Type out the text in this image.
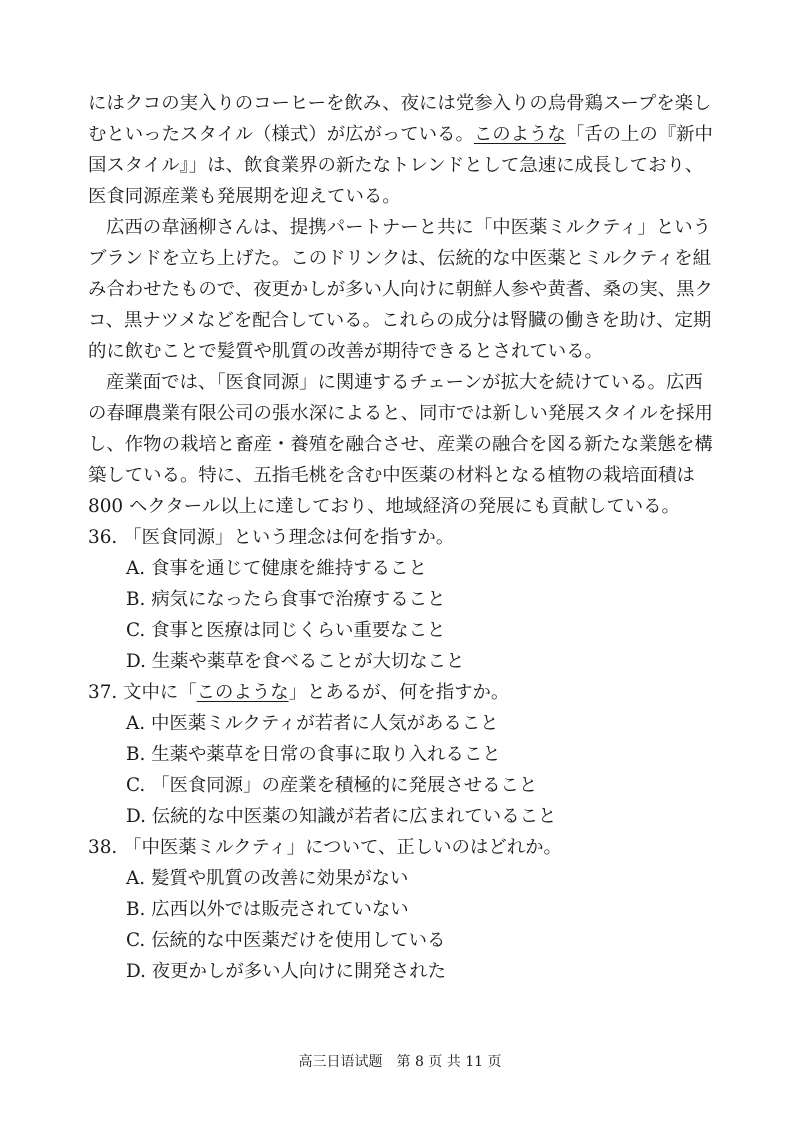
にはクコの実入りのコーヒーを飲み、夜には党参入りの烏骨鶏スープを楽し
むといったスタイル（様式）が広がっている。このような「舌の上の『新中
国スタイル』」は、飲食業界の新たなトレンドとして急速に成長しており、
医食同源産業も発展期を迎えている。
広西の韋涵柳さんは、提携パートナーと共に「中医薬ミルクティ」という
ブランドを立ち上げた。このドリンクは、伝統的な中医薬とミルクティを組
み合わせたもので、夜更かしが多い人向けに朝鮮人参や黄耆、桑の実、黒ク
コ、黒ナツメなどを配合している。これらの成分は腎臓の働きを助け、定期
的に飲むことで髪質や肌質の改善が期待できるとされている。
産業面では、「医食同源」に関連するチェーンが拡大を続けている。広西
の春暉農業有限公司の張水深によると、同市では新しい発展スタイルを採用
し、作物の栽培と畜産・養殖を融合させ、産業の融合を図る新たな業態を構
築している。特に、五指毛桃を含む中医薬の材料となる植物の栽培面積は
800 ヘクタール以上に達しており、地域経済の発展にも貢献している。
36. 「医食同源」という理念は何を指すか。
A. 食事を通じて健康を維持すること
B. 病気になったら食事で治療すること
C. 食事と医療は同じくらい重要なこと
D. 生薬や薬草を食べることが大切なこと
37. 文中に「このような」とあるが、何を指すか。
A. 中医薬ミルクティが若者に人気があること
B. 生薬や薬草を日常の食事に取り入れること
C. 「医食同源」の産業を積極的に発展させること
D. 伝統的な中医薬の知識が若者に広まれていること
38. 「中医薬ミルクティ」について、正しいのはどれか。
A. 髪質や肌質の改善に効果がない
B. 広西以外では販売されていない
C. 伝統的な中医薬だけを使用している
D. 夜更かしが多い人向けに開発された
高三日语试题　第 8 页 共 11 页
